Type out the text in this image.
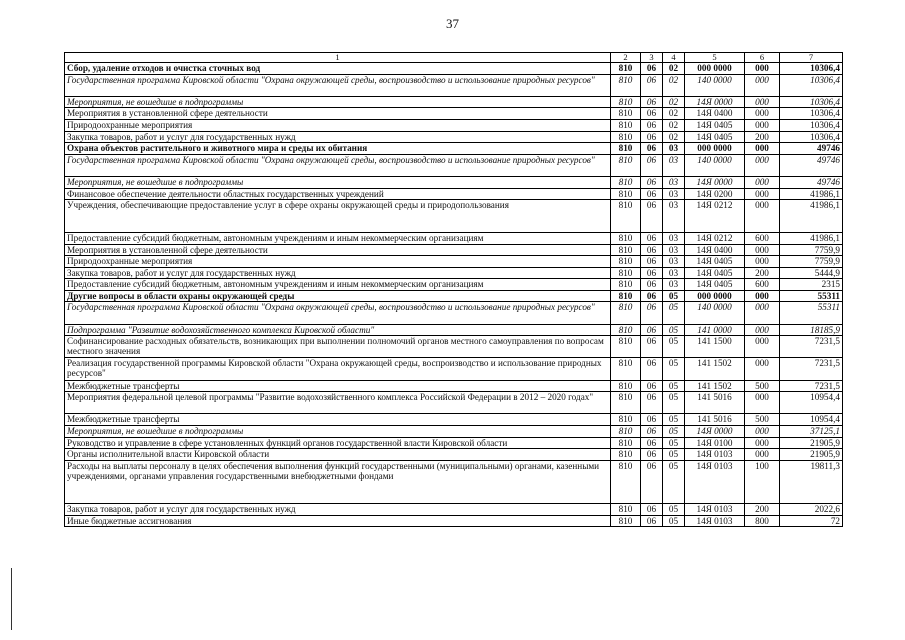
37
1	2	3	4	5	6	7
Сбор, удаление отходов и очистка сточных вод	810	06	02	000 0000	000	10306,4
Государственная программа Кировской области "Охрана окружающей среды, воспроизводство и использование природных ресурсов"	810	06	02	140 0000	000	10306,4
Мероприятия, не вошедшие в подпрограммы	810	06	02	14Я 0000	000	10306,4
Мероприятия в установленной сфере деятельности	810	06	02	14Я 0400	000	10306,4
Природоохранные мероприятия	810	06	02	14Я 0405	000	10306,4
Закупка товаров, работ и услуг для государственных нужд	810	06	02	14Я 0405	200	10306,4
Охрана объектов растительного и животного мира и среды их обитания	810	06	03	000 0000	000	49746
Государственная программа Кировской области "Охрана окружающей среды, воспроизводство и использование природных ресурсов"	810	06	03	140 0000	000	49746
Мероприятия, не вошедшие в подпрограммы	810	06	03	14Я 0000	000	49746
Финансовое обеспечение деятельности областных государственных учреждений	810	06	03	14Я 0200	000	41986,1
Учреждения, обеспечивающие предоставление услуг в сфере охраны окружающей среды и природопользования	810	06	03	14Я 0212	000	41986,1
Предоставление субсидий бюджетным, автономным учреждениям и иным некоммерческим организациям	810	06	03	14Я 0212	600	41986,1
Мероприятия в установленной сфере деятельности	810	06	03	14Я 0400	000	7759,9
Природоохранные мероприятия	810	06	03	14Я 0405	000	7759,9
Закупка товаров, работ и услуг для государственных нужд	810	06	03	14Я 0405	200	5444,9
Предоставление субсидий бюджетным, автономным учреждениям и иным некоммерческим организациям	810	06	03	14Я 0405	600	2315
Другие вопросы в области охраны окружающей среды	810	06	05	000 0000	000	55311
Государственная программа Кировской области "Охрана окружающей среды, воспроизводство и использование природных ресурсов"	810	06	05	140 0000	000	55311
Подпрограмма "Развитие водохозяйственного комплекса Кировской области"	810	06	05	141 0000	000	18185,9
Софинансирование расходных обязательств, возникающих при выполнении полномочий органов местного самоуправления по вопросам местного значения	810	06	05	141 1500	000	7231,5
Реализация государственной программы Кировской области "Охрана окружающей среды, воспроизводство и использование природных ресурсов"	810	06	05	141 1502	000	7231,5
Межбюджетные трансферты	810	06	05	141 1502	500	7231,5
Мероприятия федеральной целевой программы "Развитие водохозяйственного комплекса Российской Федерации в 2012 – 2020 годах"	810	06	05	141 5016	000	10954,4
Межбюджетные трансферты	810	06	05	141 5016	500	10954,4
Мероприятия, не вошедшие в подпрограммы	810	06	05	14Я 0000	000	37125,1
Руководство и управление в сфере установленных функций органов государственной власти Кировской области	810	06	05	14Я 0100	000	21905,9
Органы исполнительной власти Кировской области	810	06	05	14Я 0103	000	21905,9
Расходы на выплаты персоналу в целях обеспечения выполнения функций государственными (муниципальными) органами, казенными учреждениями, органами управления государственными внебюджетными фондами	810	06	05	14Я 0103	100	19811,3
Закупка товаров, работ и услуг для государственных нужд	810	06	05	14Я 0103	200	2022,6
Иные бюджетные ассигнования	810	06	05	14Я 0103	800	72
